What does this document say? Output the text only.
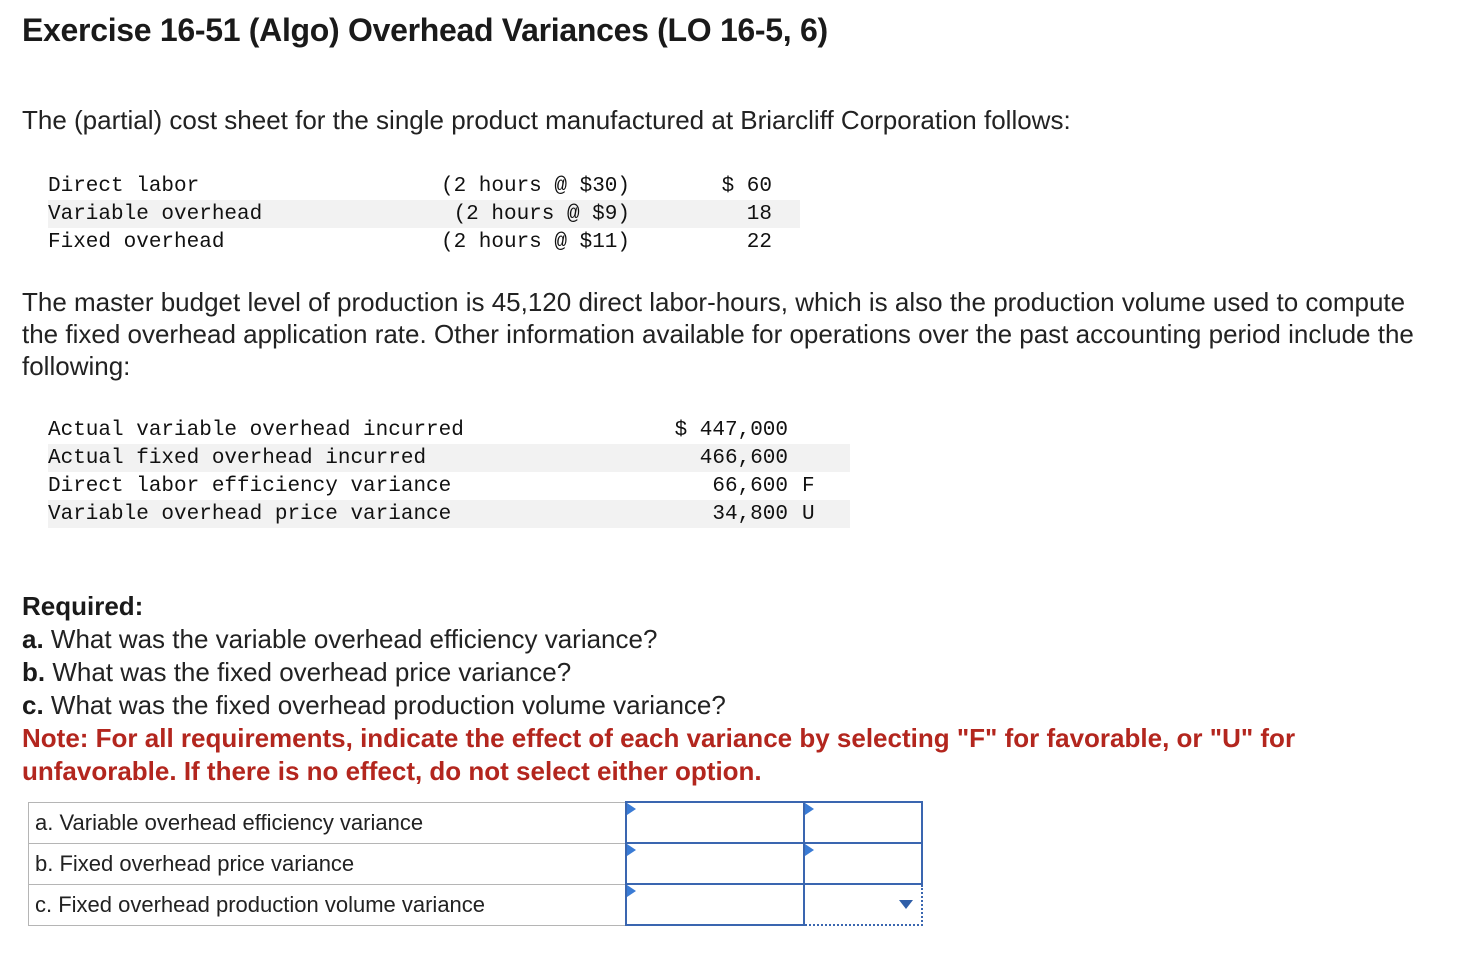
Exercise 16-51 (Algo) Overhead Variances (LO 16-5, 6)
The (partial) cost sheet for the single product manufactured at Briarcliff Corporation follows:
Direct labor	(2 hours @ $30)	$ 60
Variable overhead	(2 hours @ $9)	18
Fixed overhead	(2 hours @ $11)	22
The master budget level of production is 45,120 direct labor-hours, which is also the production volume used to compute the fixed overhead application rate. Other information available for operations over the past accounting period include the following:
Actual variable overhead incurred	$ 447,000	
Actual fixed overhead incurred	466,600	
Direct labor efficiency variance	66,600	F
Variable overhead price variance	34,800	U
Required:
a. What was the variable overhead efficiency variance?
b. What was the fixed overhead price variance?
c. What was the fixed overhead production volume variance?
Note: For all requirements, indicate the effect of each variance by selecting "F" for favorable, or "U" for unfavorable. If there is no effect, do not select either option.
a. Variable overhead efficiency variance	

b. Fixed overhead price variance	

c. Fixed overhead production volume variance	
